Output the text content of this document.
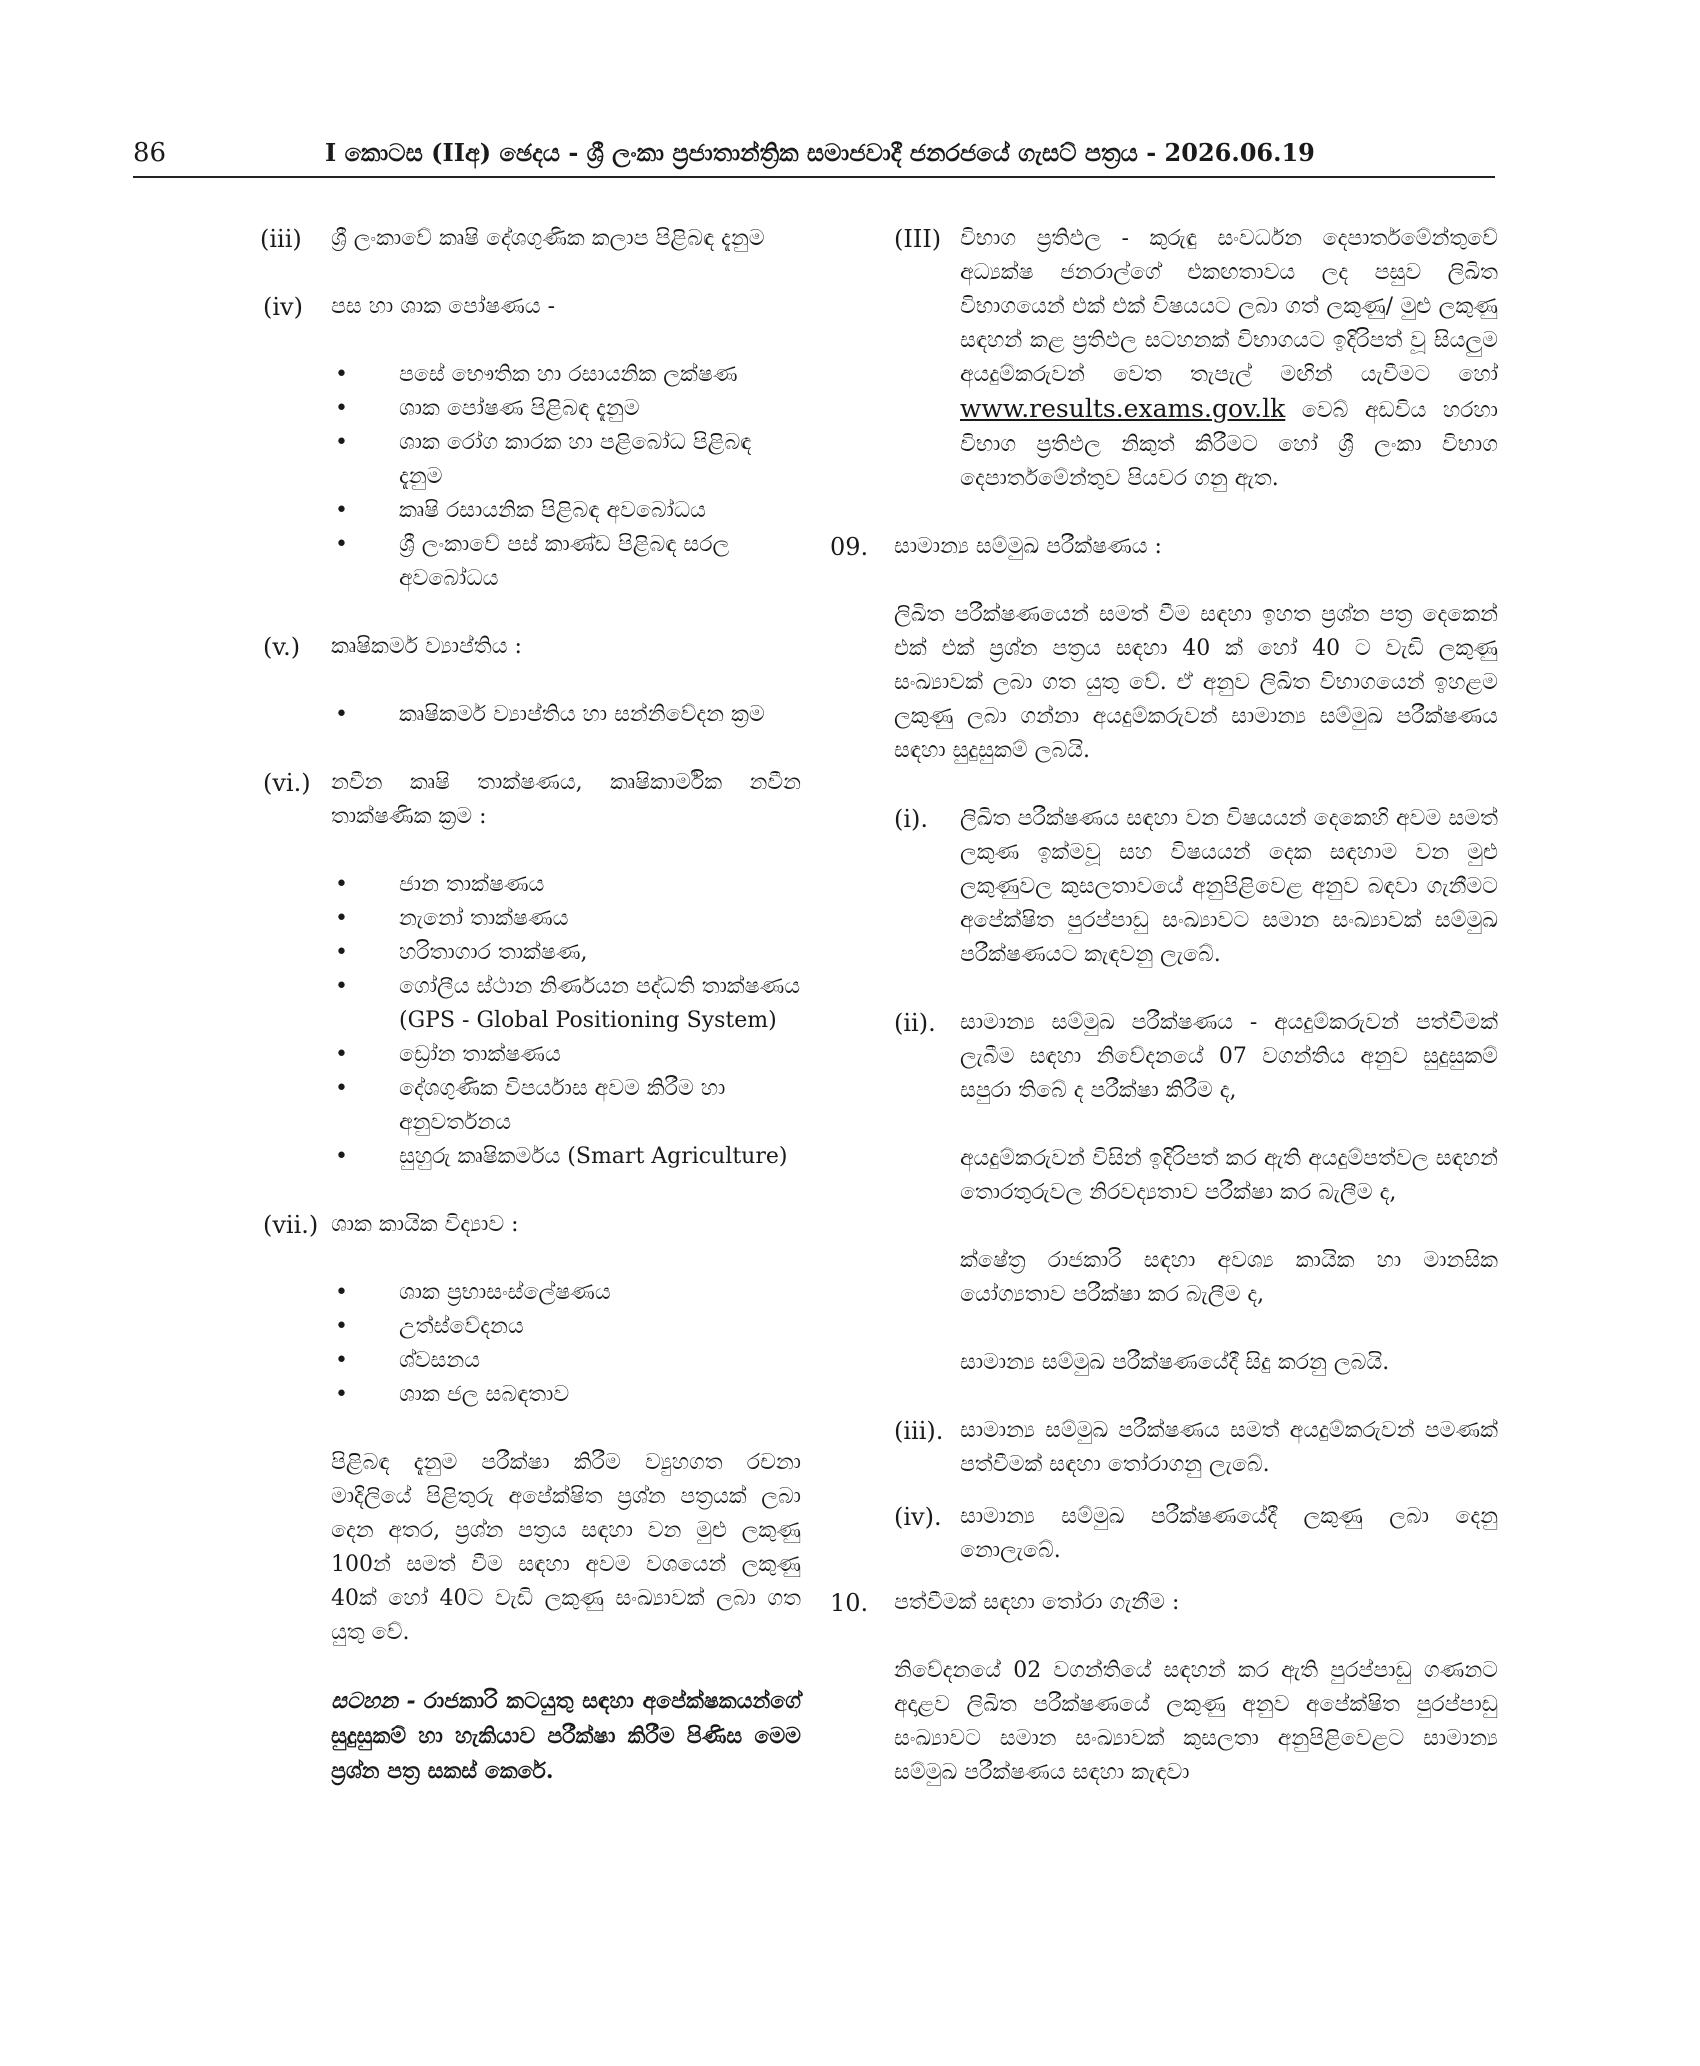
86	I කොටස (IIඅ) ඡෙදය - ශ්‍රී ලංකා ප්‍රජාතාන්ත්‍රික සමාජවාදී ජනරජයේ ගැසට් පත්‍රය - 2026.06.19
(iii) ශ්‍රී ලංකාවේ කෘෂි දේශගුණික කලාප පිළිබඳ දැනුම
(iv) පස හා ශාක පෝෂණය -
• පසේ භෞතික හා රසායනික ලක්ෂණ
• ශාක පෝෂණ පිළිබඳ දැනුම
• ශාක රෝග කාරක හා පළිබෝධ පිළිබඳ දැනුම
• කෘෂි රසායනික පිළිබඳ අවබෝධය
• ශ්‍රී ලංකාවේ පස් කාණ්ඩ පිළිබඳ සරල අවබෝධය
(v.) කෘෂිකර්ම ව්‍යාප්තිය :
• කෘෂිකර්ම ව්‍යාප්තිය හා සන්නිවේදන ක්‍රම
(vi.) නවීන කෘෂි තාක්ෂණය, කෘෂිකාර්මික නවීන තාක්ෂණික ක්‍රම :
• ජාන තාක්ෂණය
• නැනෝ තාක්ෂණය
• හරිතාගාර තාක්ෂණ,
• ගෝලීය ස්ථාන නිර්ණයන පද්ධති තාක්ෂණය (GPS - Global Positioning System)
• ඩ්‍රෝන තාක්ෂණය
• දේශගුණික විපර්යාස අවම කිරීම හා අනුවර්තනය
• සුහුරු කෘෂිකර්මය (Smart Agriculture)
(vii.) ශාක කායික විද්‍යාව :
• ශාක ප්‍රභාසංස්ලේෂණය
• උත්ස්වේදනය
• ශ්වසනය
• ශාක ජල සබඳතාව
පිළිබඳ දැනුම පරීක්ෂා කිරීම ව්‍යුහගත රචනා මාදිලියේ පිළිතුරු අපේක්ෂිත ප්‍රශ්න පත්‍රයක් ලබා දෙන අතර, ප්‍රශ්න පත්‍රය සඳහා වන මුළු ලකුණු 100න් සමත් වීම සඳහා අවම වශයෙන් ලකුණු 40ක් හෝ 40ට වැඩි ලකුණු සංඛ්‍යාවක් ලබා ගත යුතු වේ.
සටහන - රාජකාරි කටයුතු සඳහා අපේක්ෂකයන්ගේ සුදුසුකම් හා හැකියාව පරීක්ෂා කිරීම පිණිස මෙම ප්‍රශ්න පත්‍ර සකස් කෙරේ.
(III) විභාග ප්‍රතිඵල - කුරුඳු සංවර්ධන දෙපාර්තමේන්තුවේ අධ්‍යක්ෂ ජනරාල්ගේ එකඟතාවය ලද පසුව ලිඛිත විභාගයෙන් එක් එක් විෂයයට ලබා ගත් ලකුණු/ මුළු ලකුණු සඳහන් කළ ප්‍රතිඵල සටහනක් විභාගයට ඉදිරිපත් වූ සියලුම අයදුම්කරුවන් වෙත තැපැල් මඟින් යැවීමට හෝ www.results.exams.gov.lk වෙබ් අඩවිය හරහා විභාග ප්‍රතිඵල නිකුත් කිරීමට හෝ ශ්‍රී ලංකා විභාග දෙපාර්තමේන්තුව පියවර ගනු ඇත.
09. සාමාන්‍ය සම්මුඛ පරීක්ෂණය :
ලිඛිත පරීක්ෂණයෙන් සමත් වීම සඳහා ඉහත ප්‍රශ්න පත්‍ර දෙකෙන් එක් එක් ප්‍රශ්න පත්‍රය සඳහා 40 ක් හෝ 40 ට වැඩි ලකුණු සංඛ්‍යාවක් ලබා ගත යුතු වේ. ඒ අනුව ලිඛිත විභාගයෙන් ඉහළම ලකුණු ලබා ගන්නා අයදුම්කරුවන් සාමාන්‍ය සම්මුඛ පරීක්ෂණය සඳහා සුදුසුකම් ලබයි.
(i). ලිඛිත පරීක්ෂණය සඳහා වන විෂයයන් දෙකෙහි අවම සමත් ලකුණ ඉක්මවූ සහ විෂයයන් දෙක සඳහාම වන මුළු ලකුණුවල කුසලතාවයේ අනුපිළිවෙළ අනුව බඳවා ගැනීමට අපේක්ෂිත පුරප්පාඩු සංඛ්‍යාවට සමාන සංඛ්‍යාවක් සම්මුඛ පරීක්ෂණයට කැඳවනු ලැබේ.
(ii). සාමාන්‍ය සම්මුඛ පරීක්ෂණය - අයදුම්කරුවන් පත්වීමක් ලැබීම සඳහා නිවේදනයේ 07 වගන්තිය අනුව සුදුසුකම් සපුරා තිබේ ද පරීක්ෂා කිරීම ද,
අයදුම්කරුවන් විසින් ඉදිරිපත් කර ඇති අයදුම්පත්වල සඳහන් තොරතුරුවල නිරවද්‍යතාව පරීක්ෂා කර බැලීම ද,
ක්ෂේත්‍ර රාජකාරි සඳහා අවශ්‍ය කායික හා මානසික යෝග්‍යතාව පරීක්ෂා කර බැලීම ද,
සාමාන්‍ය සම්මුඛ පරීක්ෂණයේදී සිදු කරනු ලබයි.
(iii). සාමාන්‍ය සම්මුඛ පරීක්ෂණය සමත් අයදුම්කරුවන් පමණක් පත්වීමක් සඳහා තෝරාගනු ලැබේ.
(iv). සාමාන්‍ය සම්මුඛ පරීක්ෂණයේදී ලකුණු ලබා දෙනු නොලැබේ.
10. පත්වීමක් සඳහා තෝරා ගැනීම :
නිවේදනයේ 02 වගන්තියේ සඳහන් කර ඇති පුරප්පාඩු ගණනට අදාළව ලිඛිත පරීක්ෂණයේ ලකුණු අනුව අපේක්ෂිත පුරප්පාඩු සංඛ්‍යාවට සමාන සංඛ්‍යාවක් කුසලතා අනුපිළිවෙළට සාමාන්‍ය සම්මුඛ පරීක්ෂණය සඳහා කැඳවා
